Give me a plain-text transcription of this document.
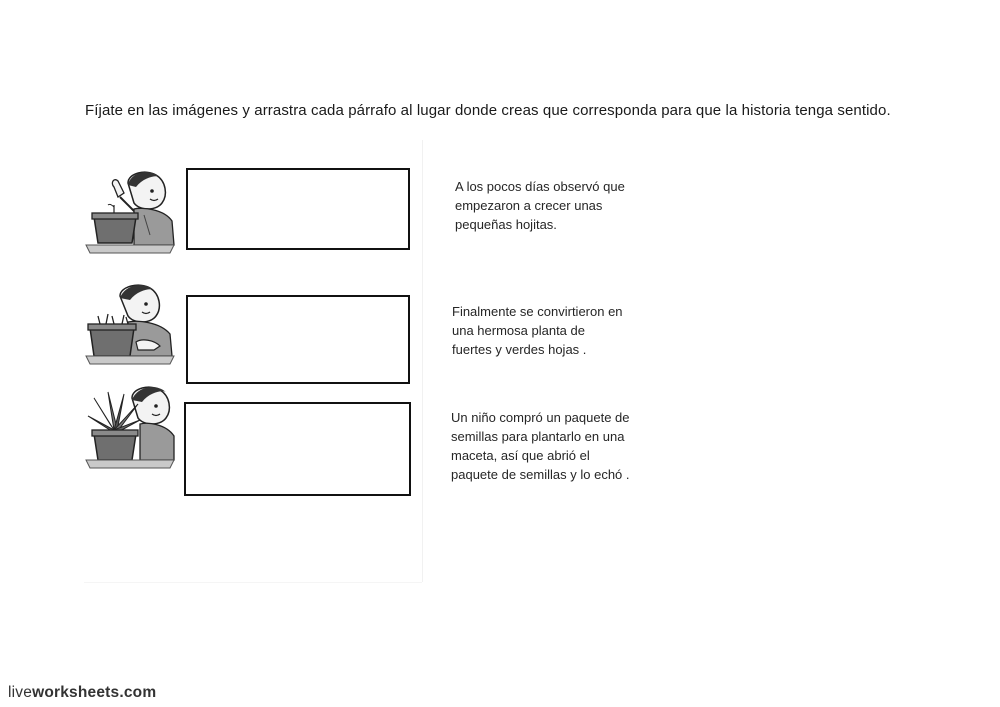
Fíjate en las imágenes y arrastra cada párrafo al lugar donde creas que corresponda para que la historia tenga sentido.
A los pocos días observó que
empezaron a crecer unas
pequeñas hojitas.
Finalmente se convirtieron en
una hermosa planta de
fuertes y verdes hojas .
Un niño compró un paquete de
semillas para plantarlo en una
maceta, así que abrió el
paquete de semillas y lo echó .
liveworksheets.com
